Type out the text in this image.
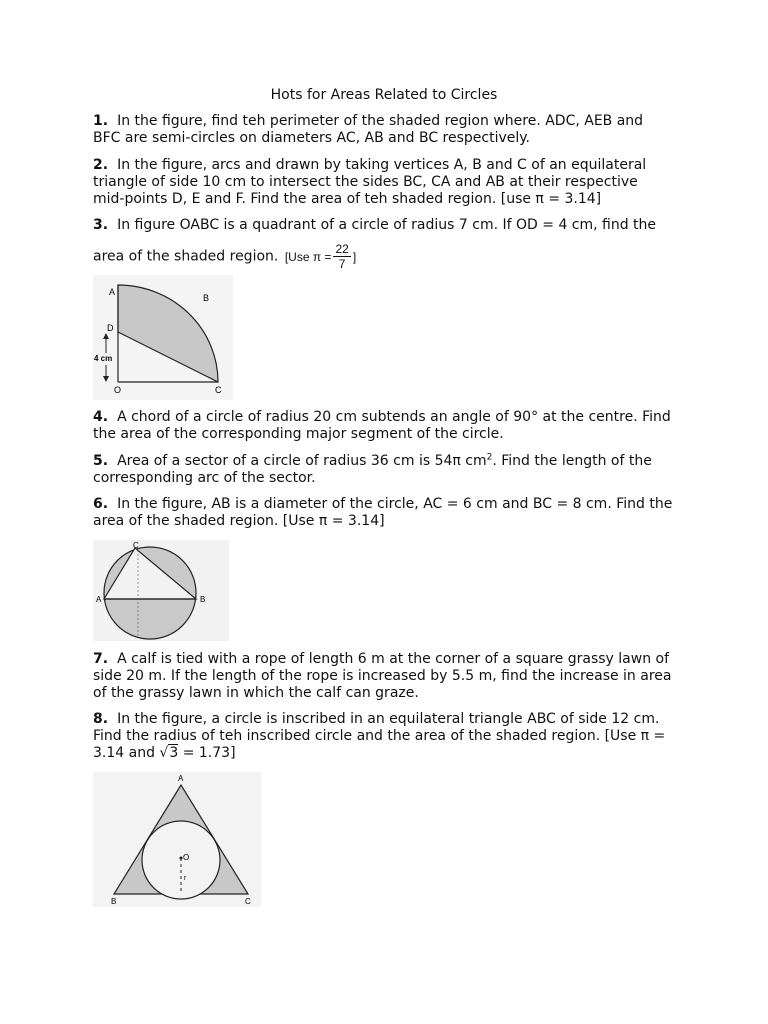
Hots for Areas Related to Circles
1. In the figure, find teh perimeter of the shaded region where. ADC, AEB and BFC are semi-circles on diameters AC, AB and BC respectively.
2. In the figure, arcs and drawn by taking vertices A, B and C of an equilateral triangle of side 10 cm to intersect the sides BC, CA and AB at their respective mid-points D, E and F. Find the area of teh shaded region. [use π = 3.14]
3. In figure OABC is a quadrant of a circle of radius 7 cm. If OD = 4 cm, find the
area of the shaded region. [Use $\pi = \frac{22}{7}$ ]
A
B
D
4 cm
O	C
4. A chord of a circle of radius 20 cm subtends an angle of 90° at the centre. Find the area of the corresponding major segment of the circle.
5. Area of a sector of a circle of radius 36 cm is 54π $cm^2$. Find the length of the corresponding arc of the sector.
6. In the figure, AB is a diameter of the circle, AC = 6 cm and BC = 8 cm. Find the area of the shaded region. [Use π = 3.14]
C
A	B
7. A calf is tied with a rope of length 6 m at the corner of a square grassy lawn of side 20 m. If the length of the rope is increased by 5.5 m, find the increase in area of the grassy lawn in which the calf can graze.
8. In the figure, a circle is inscribed in an equilateral triangle ABC of side 12 cm. Find the radius of teh inscribed circle and the area of the shaded region. [Use π = 3.14 and √3 = 1.73]
A
O
r
B	C
